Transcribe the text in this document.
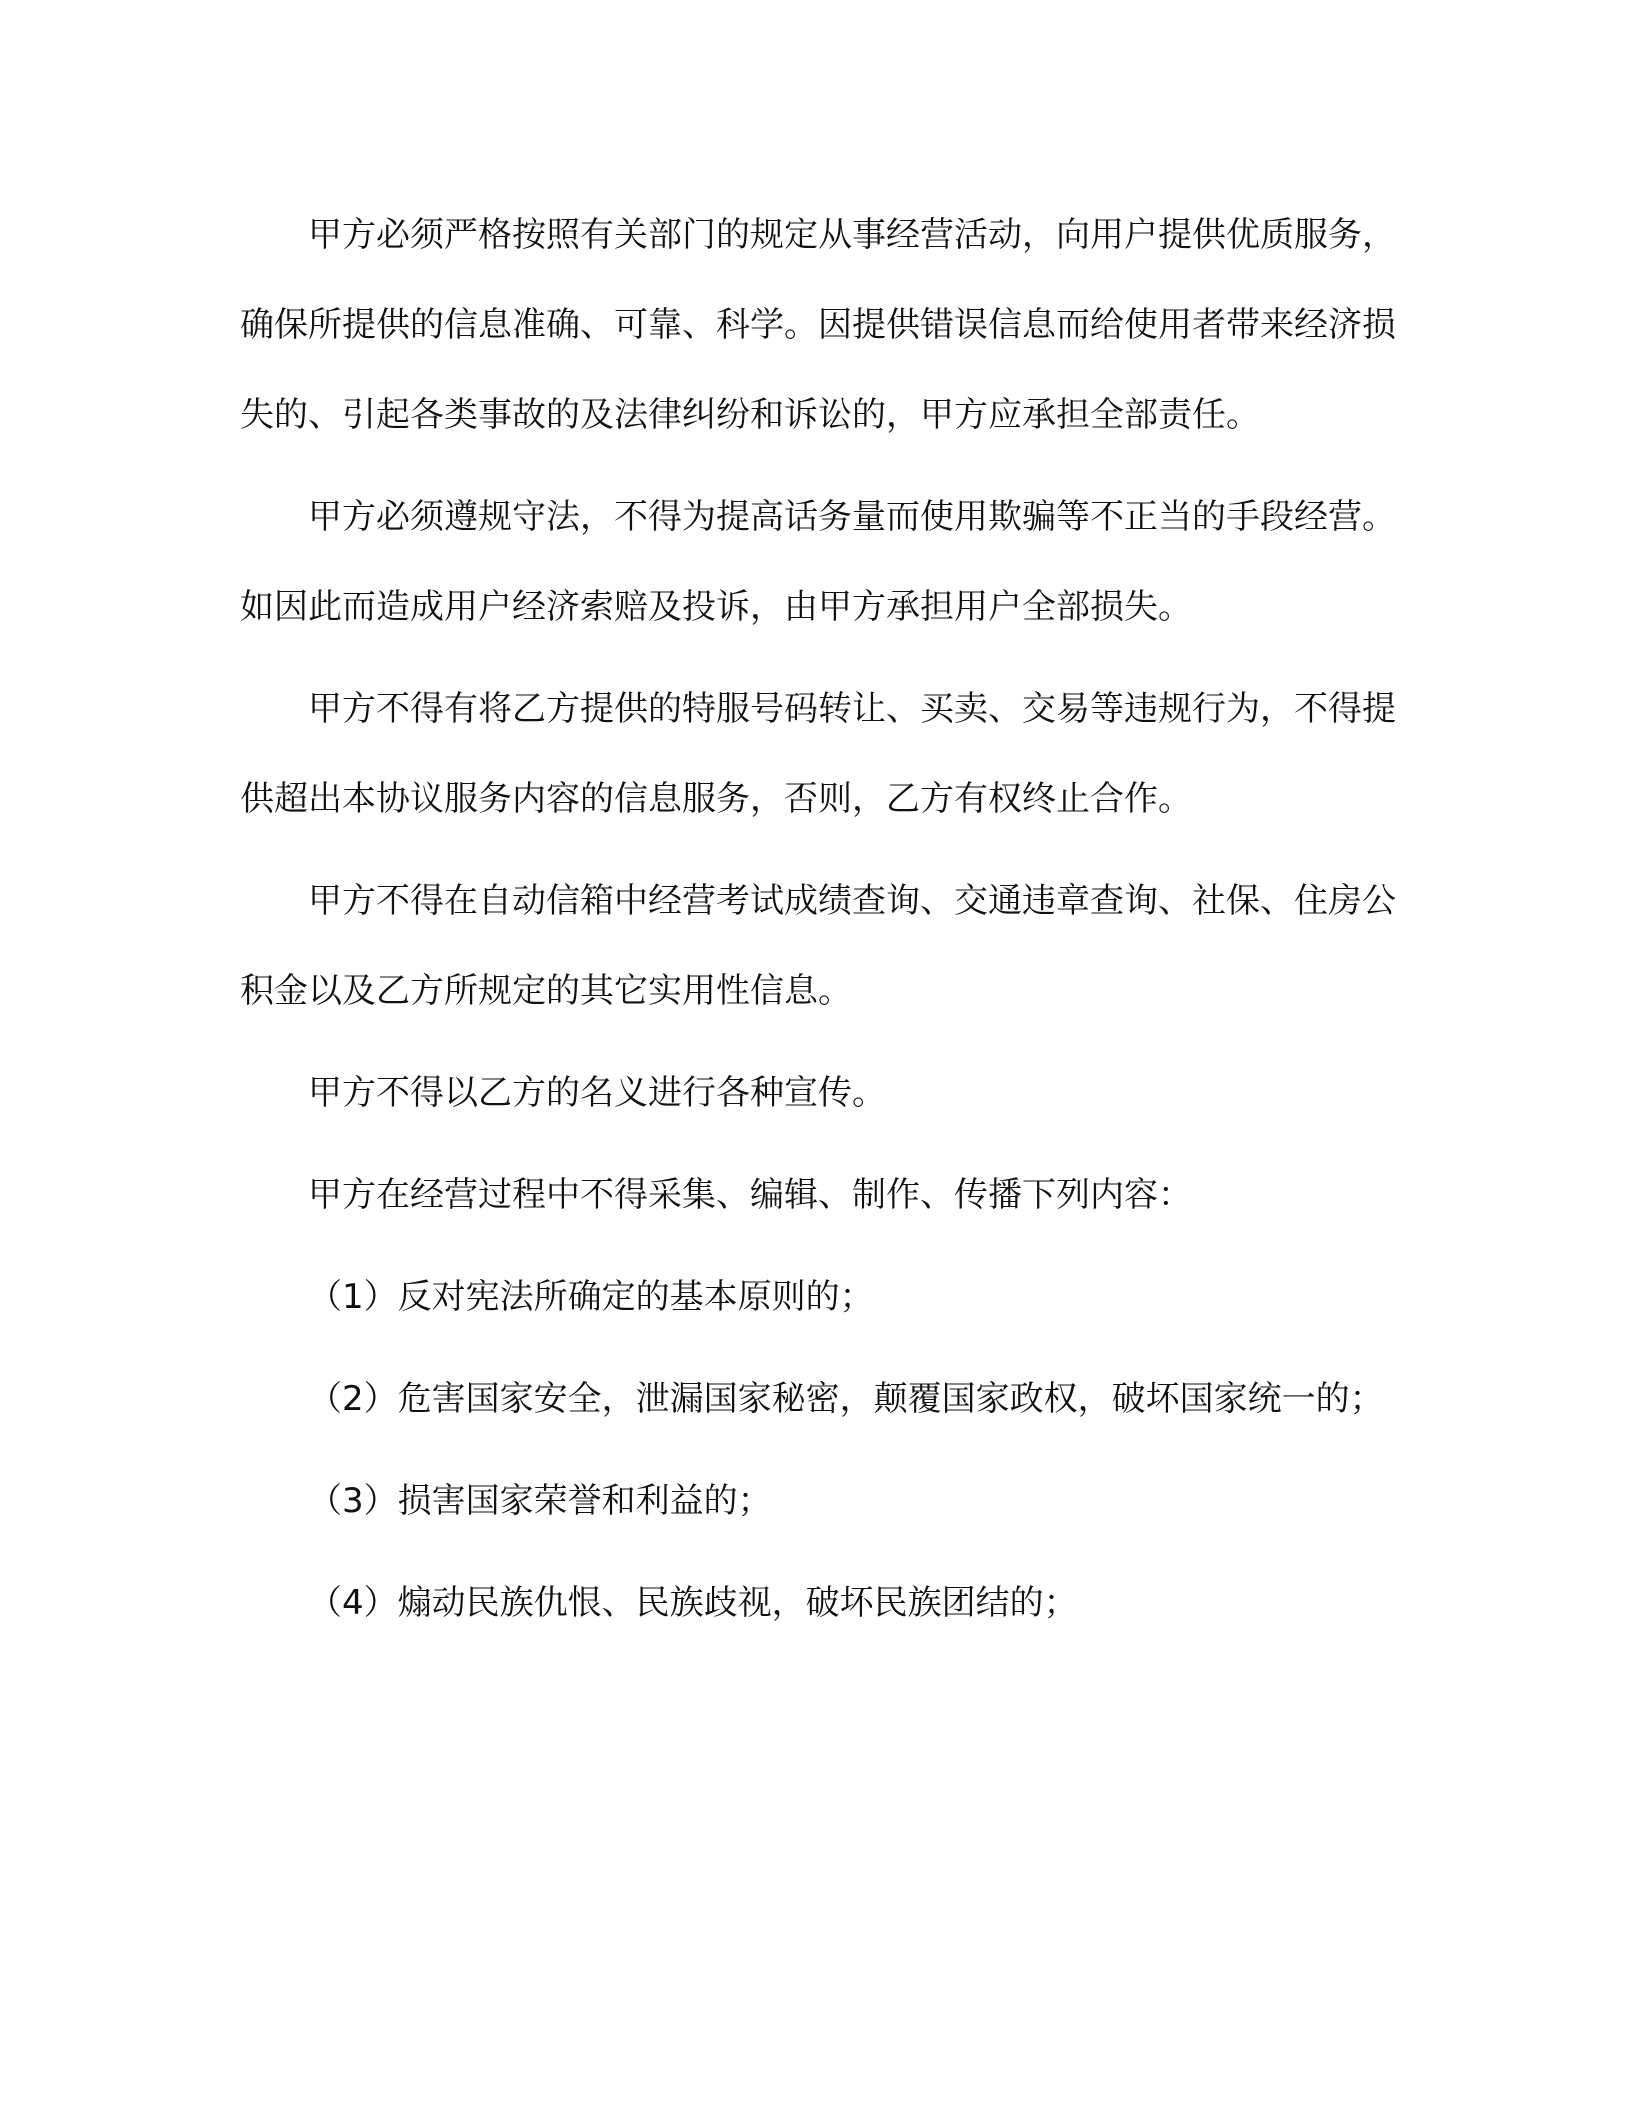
甲方必须严格按照有关部门的规定从事经营活动，向用户提供优质服务，确保所提供的信息准确、可靠、科学。因提供错误信息而给使用者带来经济损失的、引起各类事故的及法律纠纷和诉讼的，甲方应承担全部责任。

甲方必须遵规守法，不得为提高话务量而使用欺骗等不正当的手段经营。如因此而造成用户经济索赔及投诉，由甲方承担用户全部损失。

甲方不得有将乙方提供的特服号码转让、买卖、交易等违规行为，不得提供超出本协议服务内容的信息服务，否则，乙方有权终止合作。

甲方不得在自动信箱中经营考试成绩查询、交通违章查询、社保、住房公积金以及乙方所规定的其它实用性信息。

甲方不得以乙方的名义进行各种宣传。

甲方在经营过程中不得采集、编辑、制作、传播下列内容：

（1）反对宪法所确定的基本原则的；

（2）危害国家安全，泄漏国家秘密，颠覆国家政权，破坏国家统一的；

（3）损害国家荣誉和利益的；

（4）煽动民族仇恨、民族歧视，破坏民族团结的；
